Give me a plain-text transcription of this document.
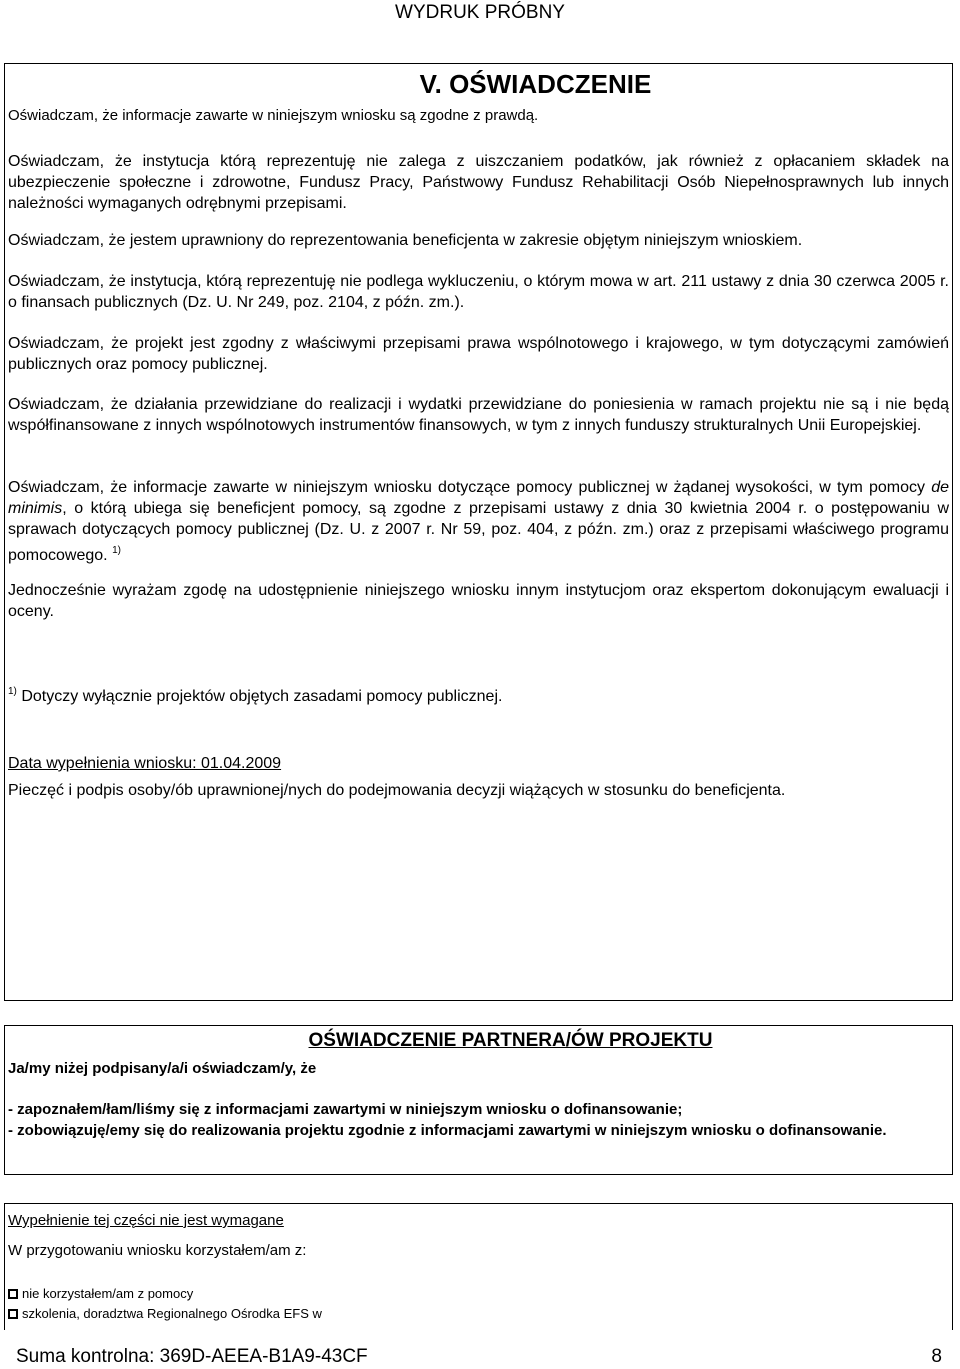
WYDRUK PRÓBNY
V. OŚWIADCZENIE

Oświadczam, że informacje zawarte w niniejszym wniosku są zgodne z prawdą.

Oświadczam, że instytucja którą reprezentuję nie zalega z uiszczaniem podatków, jak również z opłacaniem składek na ubezpieczenie społeczne i zdrowotne, Fundusz Pracy, Państwowy Fundusz Rehabilitacji Osób Niepełnosprawnych lub innych należności wymaganych odrębnymi przepisami.

Oświadczam, że jestem uprawniony do reprezentowania beneficjenta w zakresie objętym niniejszym wnioskiem.

Oświadczam, że instytucja, którą reprezentuję nie podlega wykluczeniu, o którym mowa w art. 211 ustawy z dnia 30 czerwca 2005 r. o finansach publicznych (Dz. U. Nr 249, poz. 2104, z późn. zm.).

Oświadczam, że projekt jest zgodny z właściwymi przepisami prawa wspólnotowego i krajowego, w tym dotyczącymi zamówień publicznych oraz pomocy publicznej.

Oświadczam, że działania przewidziane do realizacji i wydatki przewidziane do poniesienia w ramach projektu nie są i nie będą współfinansowane z innych wspólnotowych instrumentów finansowych, w tym z innych funduszy strukturalnych Unii Europejskiej.

Oświadczam, że informacje zawarte w niniejszym wniosku dotyczące pomocy publicznej w żądanej wysokości, w tym pomocy de minimis, o którą ubiega się beneficjent pomocy, są zgodne z przepisami ustawy z dnia 30 kwietnia 2004 r. o postępowaniu w sprawach dotyczących pomocy publicznej (Dz. U. z 2007 r. Nr 59, poz. 404, z późn. zm.) oraz z przepisami właściwego programu pomocowego. $^{1)}$

Jednocześnie wyrażam zgodę na udostępnienie niniejszego wniosku innym instytucjom oraz ekspertom dokonującym ewaluacji i oceny.

$^{1)}$ Dotyczy wyłącznie projektów objętych zasadami pomocy publicznej.

Data wypełnienia wniosku: 01.04.2009

Pieczęć i podpis osoby/ób uprawnionej/nych do podejmowania decyzji wiążących w stosunku do beneficjenta.

OŚWIADCZENIE PARTNERA/ÓW PROJEKTU

Ja/my niżej podpisany/a/i oświadczam/y, że

- zapoznałem/łam/liśmy się z informacjami zawartymi w niniejszym wniosku o dofinansowanie;

- zobowiązuję/emy się do realizowania projektu zgodnie z informacjami zawartymi w niniejszym wniosku o dofinansowanie.

Wypełnienie tej części nie jest wymagane

W przygotowaniu wniosku korzystałem/am z:

nie korzystałem/am z pomocy

szkolenia, doradztwa Regionalnego Ośrodka EFS w

Suma kontrolna: 369D-AEEA-B1A9-43CF	8
